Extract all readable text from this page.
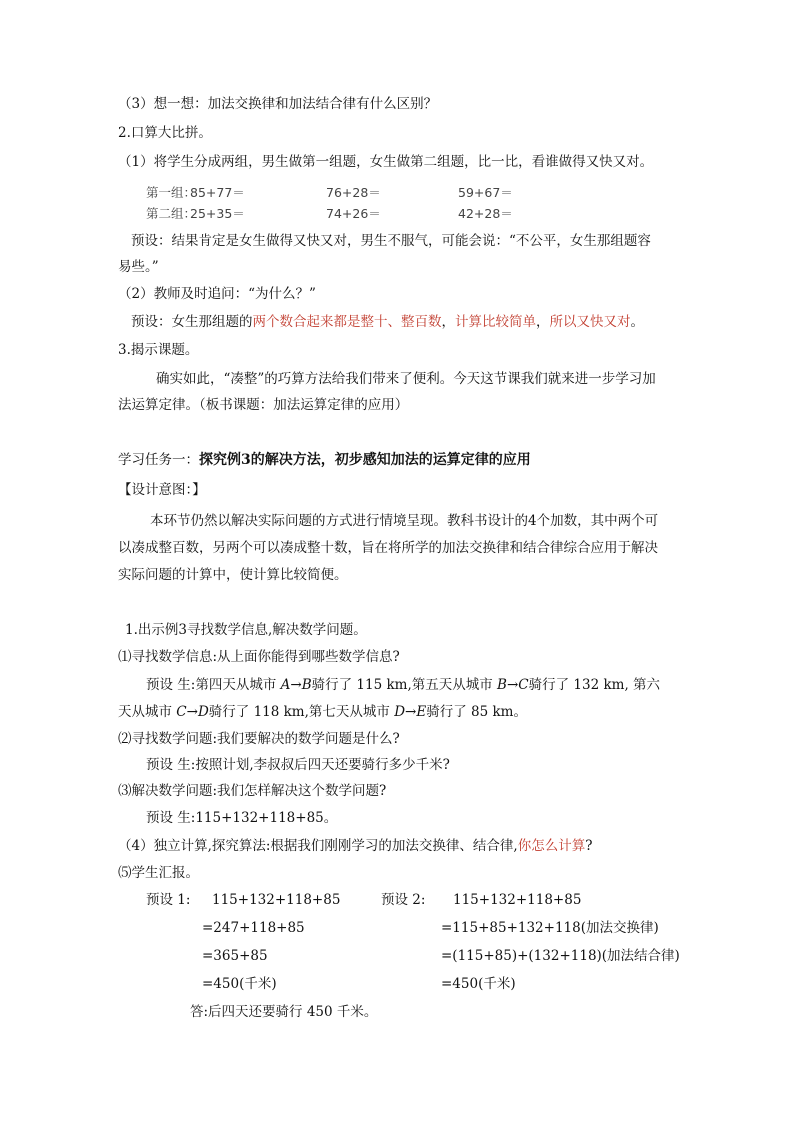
（3）想一想：加法交换律和加法结合律有什么区别？
2.口算大比拼。
（1）将学生分成两组，男生做第一组题，女生做第二组题，比一比，看谁做得又快又对。
第一组：
85+77＝	76+28＝	59+67＝
第二组：
25+35＝	74+26＝	42+28＝
预设：结果肯定是女生做得又快又对，男生不服气，可能会说：“不公平，女生那组题容
易些。”
（2）教师及时追问：“为什么？”
预设：女生那组题的两个数合起来都是整十、整百数，计算比较简单，所以又快又对。
3.揭示课题。
确实如此，“凑整”的巧算方法给我们带来了便利。今天这节课我们就来进一步学习加
法运算定律。（板书课题：加法运算定律的应用）
学习任务一：探究例3的解决方法，初步感知加法的运算定律的应用
【设计意图：】
本环节仍然以解决实际问题的方式进行情境呈现。教科书设计的4个加数，其中两个可
以凑成整百数，另两个可以凑成整十数，旨在将所学的加法交换律和结合律综合应用于解决
实际问题的计算中，使计算比较简便。
1.出示例3寻找数学信息,解决数学问题。
⑴寻找数学信息:从上面你能得到哪些数学信息?
预设 生:第四天从城市 A→B骑行了 115 km,第五天从城市 B→C骑行了 132 km, 第六
天从城市 C→D骑行了 118 km,第七天从城市 D→E骑行了 85 km。
⑵寻找数学问题:我们要解决的数学问题是什么?
预设 生:按照计划,李叔叔后四天还要骑行多少千米?
⑶解决数学问题:我们怎样解决这个数学问题?
预设 生:115+132+118+85。
（4）独立计算,探究算法:根据我们刚刚学习的加法交换律、结合律,你怎么计算?
⑸学生汇报。
预设 1: 115+132+118+85
=247+118+85
=365+85
=450(千米)
预设 2: 115+132+118+85
=115+85+132+118(加法交换律)
=(115+85)+(132+118)(加法结合律)
=450(千米)
答:后四天还要骑行 450 千米。
